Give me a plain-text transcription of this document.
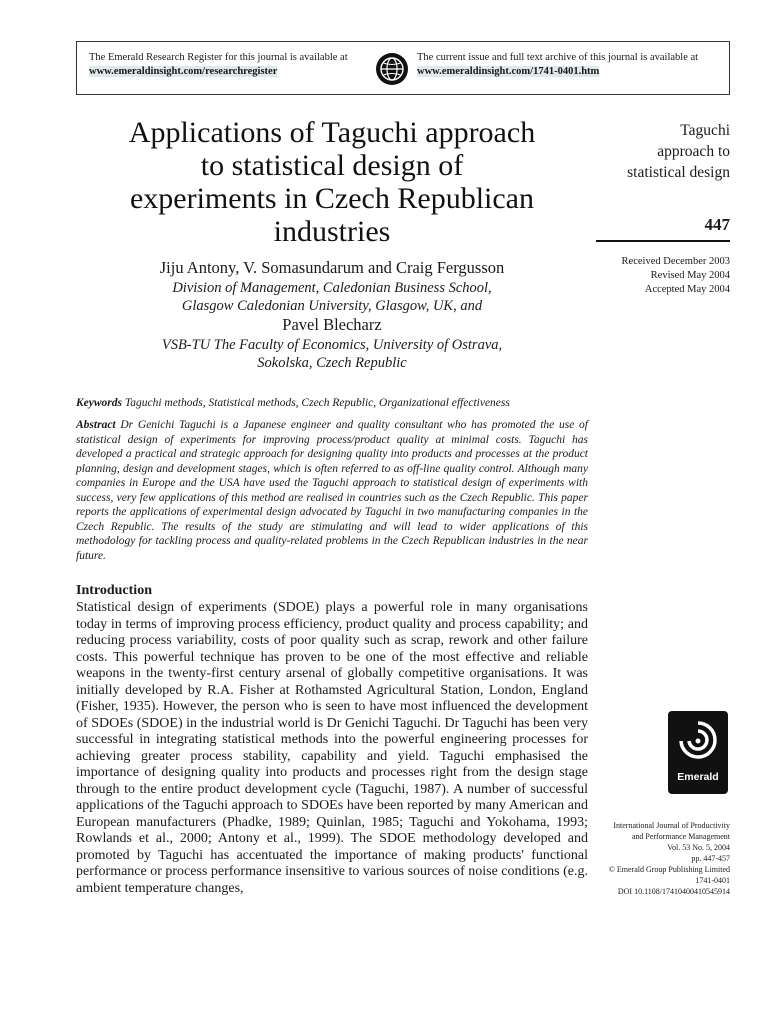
The Emerald Research Register for this journal is available at
www.emeraldinsight.com/researchregister
The current issue and full text archive of this journal is available at
www.emeraldinsight.com/1741-0401.htm
Applications of Taguchi approach
to statistical design of
experiments in Czech Republican
industries
Jiju Antony, V. Somasundarum and Craig Fergusson
Division of Management, Caledonian Business School,
Glasgow Caledonian University, Glasgow, UK, and
Pavel Blecharz
VSB-TU The Faculty of Economics, University of Ostrava,
Sokolska, Czech Republic
Taguchi
approach to
statistical design
447
Received December 2003
Revised May 2004
Accepted May 2004
Keywords Taguchi methods, Statistical methods, Czech Republic, Organizational effectiveness
Abstract Dr Genichi Taguchi is a Japanese engineer and quality consultant who has promoted the use of statistical design of experiments for improving process/product quality at minimal costs. Taguchi has developed a practical and strategic approach for designing quality into products and processes at the product planning, design and development stages, which is often referred to as off-line quality control. Although many companies in Europe and the USA have used the Taguchi approach to statistical design of experiments with success, very few applications of this method are realised in countries such as the Czech Republic. This paper reports the applications of experimental design advocated by Taguchi in two manufacturing companies in the Czech Republic. The results of the study are stimulating and will lead to wider applications of this methodology for tackling process and quality-related problems in the Czech Republican industries in the near future.
Introduction
Statistical design of experiments (SDOE) plays a powerful role in many organisations today in terms of improving process efficiency, product quality and process capability; and reducing process variability, costs of poor quality such as scrap, rework and other failure costs. This powerful technique has proven to be one of the most effective and reliable weapons in the twenty-first century arsenal of globally competitive organisations. It was initially developed by R.A. Fisher at Rothamsted Agricultural Station, London, England (Fisher, 1935). However, the person who is seen to have most influenced the development of SDOEs (SDOE) in the industrial world is Dr Genichi Taguchi. Dr Taguchi has been very successful in integrating statistical methods into the powerful engineering processes for achieving greater process stability, capability and yield. Taguchi emphasised the importance of designing quality into products and processes right from the design stage through to the entire product development cycle (Taguchi, 1987). A number of successful applications of the Taguchi approach to SDOEs have been reported by many American and European manufacturers (Phadke, 1989; Quinlan, 1985; Taguchi and Yokohama, 1993; Rowlands et al., 2000; Antony et al., 1999). The SDOE methodology developed and promoted by Taguchi has accentuated the importance of making products' functional performance or process performance insensitive to various sources of noise conditions (e.g. ambient temperature changes,
Emerald
International Journal of Productivity
and Performance Management
Vol. 53 No. 5, 2004
pp. 447-457
© Emerald Group Publishing Limited
1741-0401
DOI 10.1108/17410400410545914
